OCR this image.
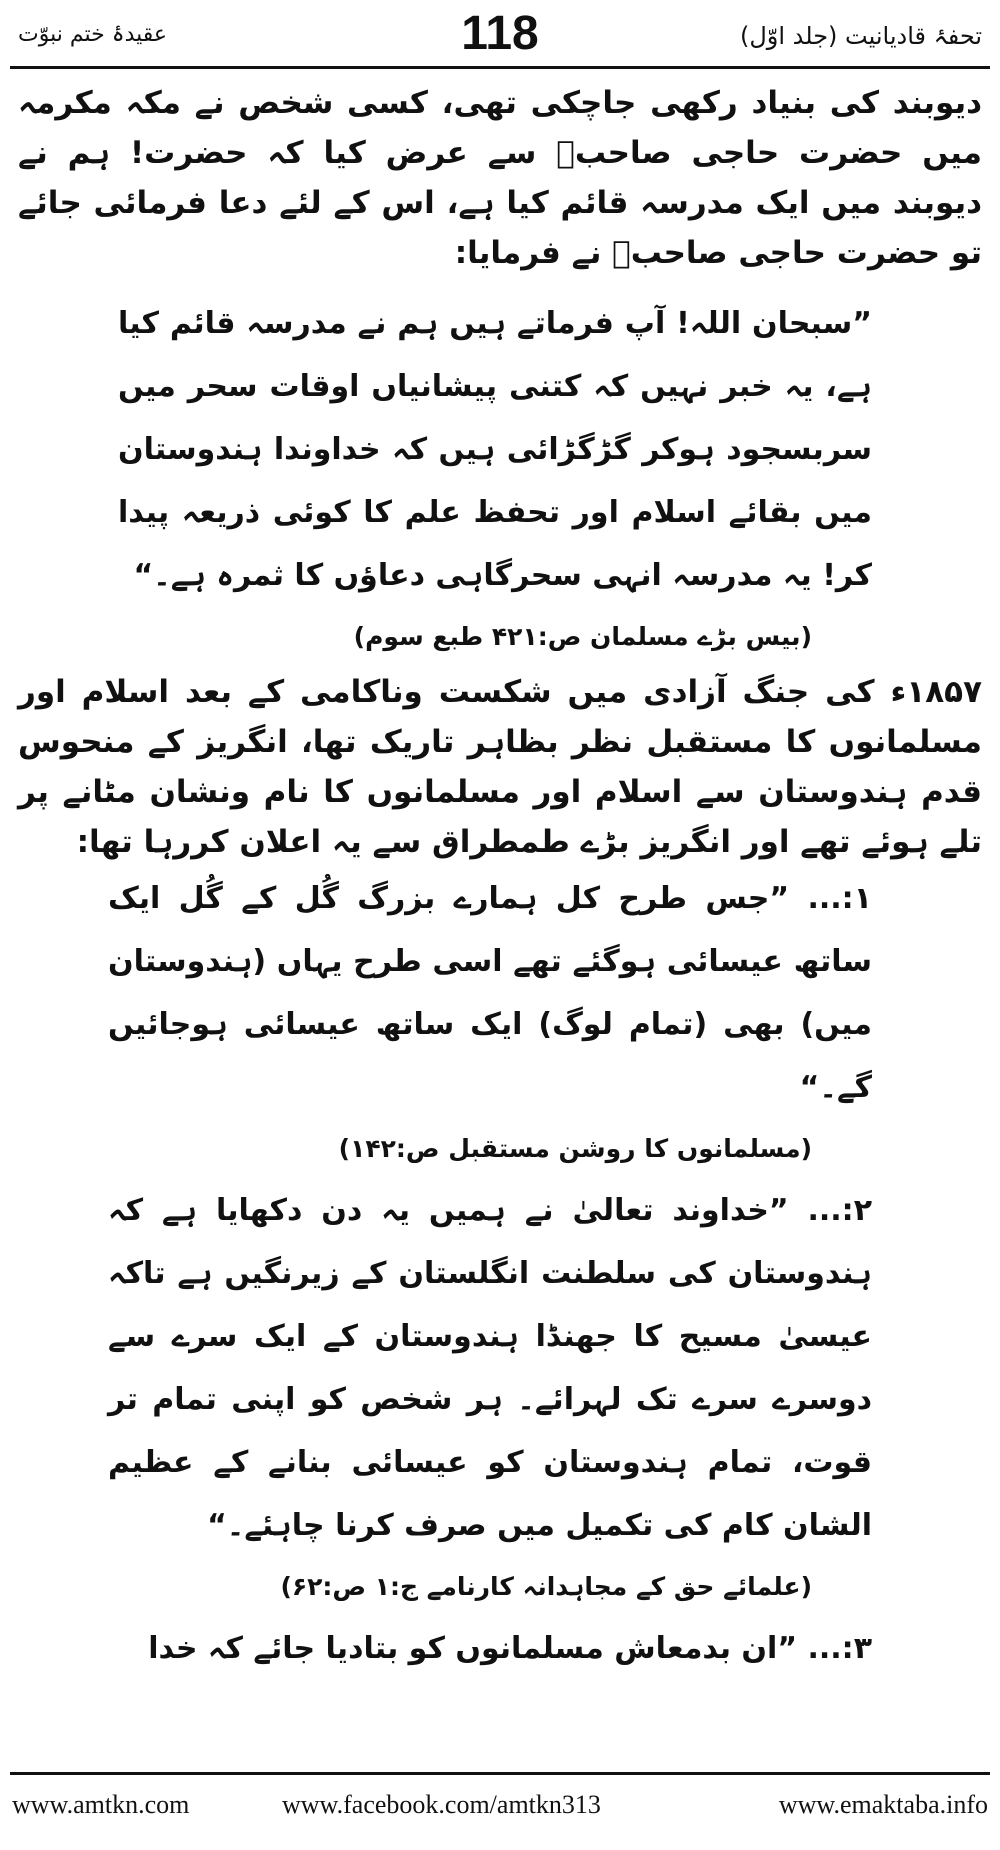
تحفۂ قادیانیت (جلد اوّل)
118
عقیدۂ ختم نبوّت

دیوبند کی بنیاد رکھی جاچکی تھی، کسی شخص نے مکہ مکرمہ میں حضرت حاجی صاحبؒ سے عرض کیا کہ حضرت! ہم نے دیوبند میں ایک مدرسہ قائم کیا ہے، اس کے لئے دعا فرمائی جائے تو حضرت حاجی صاحبؒ نے فرمایا:

”سبحان اللہ! آپ فرماتے ہیں ہم نے مدرسہ قائم کیا ہے، یہ خبر نہیں کہ کتنی پیشانیاں اوقات سحر میں سربسجود ہوکر گڑگڑائی ہیں کہ خداوندا ہندوستان میں بقائے اسلام اور تحفظ علم کا کوئی ذریعہ پیدا کر! یہ مدرسہ انہی سحرگاہی دعاؤں کا ثمرہ ہے۔“

(بیس بڑے مسلمان ص:۴۲۱ طبع سوم)

۱۸۵۷ء کی جنگ آزادی میں شکست وناکامی کے بعد اسلام اور مسلمانوں کا مستقبل نظر بظاہر تاریک تھا، انگریز کے منحوس قدم ہندوستان سے اسلام اور مسلمانوں کا نام ونشان مٹانے پر تلے ہوئے تھے اور انگریز بڑے طمطراق سے یہ اعلان کررہا تھا:

۱:... ”جس طرح کل ہمارے بزرگ گُل کے گُل ایک ساتھ عیسائی ہوگئے تھے اسی طرح یہاں (ہندوستان میں) بھی (تمام لوگ) ایک ساتھ عیسائی ہوجائیں گے۔“

(مسلمانوں کا روشن مستقبل ص:۱۴۲)

۲:... ”خداوند تعالیٰ نے ہمیں یہ دن دکھایا ہے کہ ہندوستان کی سلطنت انگلستان کے زیرنگیں ہے تاکہ عیسیٰ مسیح کا جھنڈا ہندوستان کے ایک سرے سے دوسرے سرے تک لہرائے۔ ہر شخص کو اپنی تمام تر قوت، تمام ہندوستان کو عیسائی بنانے کے عظیم الشان کام کی تکمیل میں صرف کرنا چاہئے۔“

(علمائے حق کے مجاہدانہ کارنامے ج:۱ ص:۶۲)

۳:... ”ان بدمعاش مسلمانوں کو بتادیا جائے کہ خدا

www.amtkn.com	www.facebook.com/amtkn313	www.emaktaba.info
